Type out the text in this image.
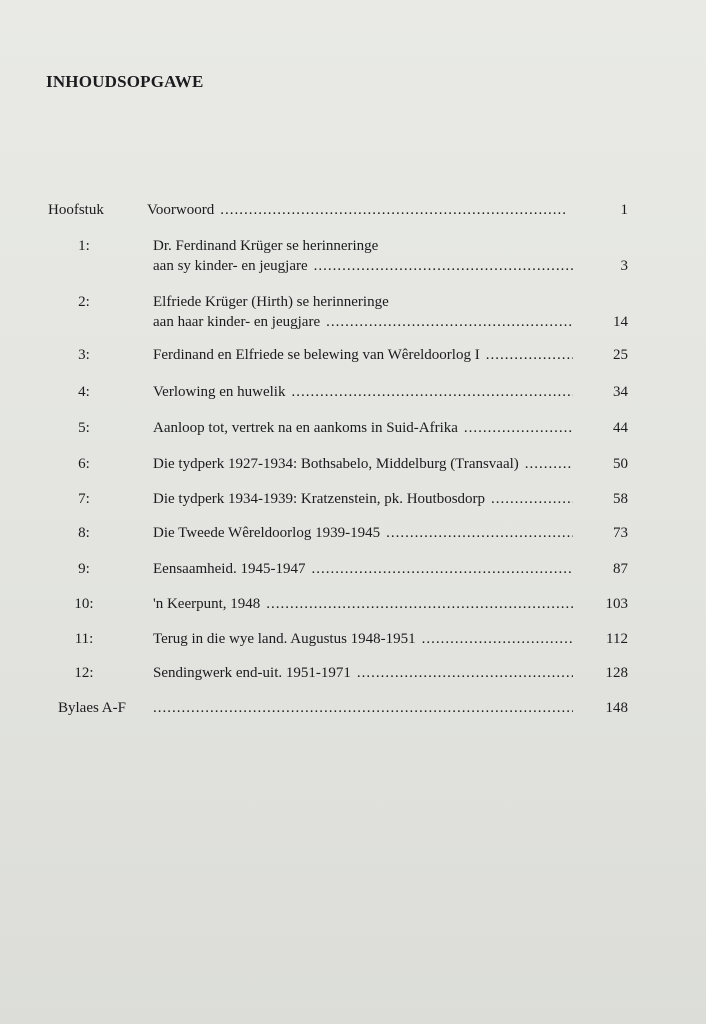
INHOUDSOPGAWE
Hoofstuk	Voorwoord .....	1
1:	Dr. Ferdinand Krüger se herinneringe
aan sy kinder- en jeugjare .....	3
2:	Elfriede Krüger (Hirth) se herinneringe
aan haar kinder- en jeugjare .....	14
3:	Ferdinand en Elfriede se belewing van Wêreldoorlog I .....	25
4:	Verlowing en huwelik .....	34
5:	Aanloop tot, vertrek na en aankoms in Suid-Afrika .....	44
6:	Die tydperk 1927-1934: Bothsabelo, Middelburg (Transvaal) .....	50
7:	Die tydperk 1934-1939: Kratzenstein, pk. Houtbosdorp .....	58
8:	Die Tweede Wêreldoorlog 1939-1945 .....	73
9:	Eensaamheid. 1945-1947 .....	87
10:	'n Keerpunt, 1948 .....	103
11:	Terug in die wye land. Augustus 1948-1951 .....	112
12:	Sendingwerk end-uit. 1951-1971 .....	128
Bylaes A-F .....	148
